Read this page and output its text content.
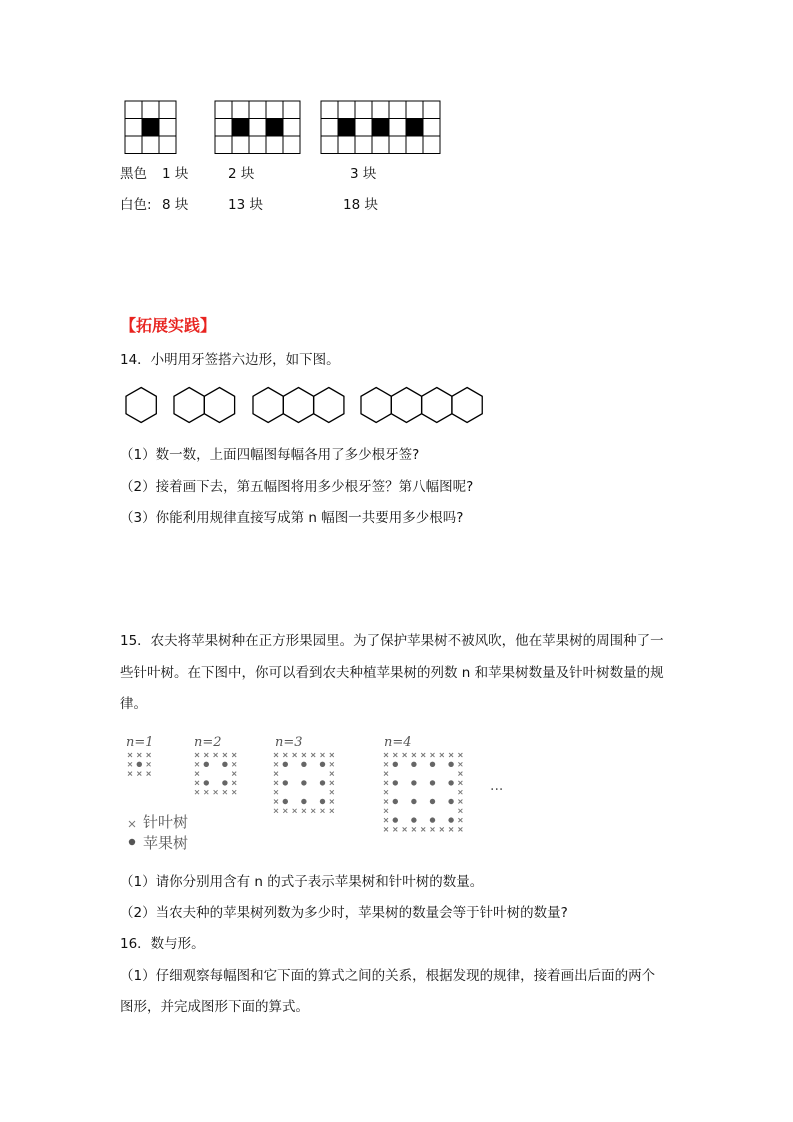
黑色 1 块	2 块	3 块
白色: 8 块	13 块	18 块
【拓展实践】
14．小明用牙签搭六边形，如下图。
（1）数一数，上面四幅图每幅各用了多少根牙签?
（2）接着画下去，第五幅图将用多少根牙签？第八幅图呢?
（3）你能利用规律直接写成第 n 幅图一共要用多少根吗?
15．农夫将苹果树种在正方形果园里。为了保护苹果树不被风吹，他在苹果树的周围种了一
些针叶树。在下图中，你可以看到农夫种植苹果树的列数 n 和苹果树数量及针叶树数量的规
律。
n=1	n=2	n=3	n=4
···
针叶树
苹果树
（1）请你分别用含有 n 的式子表示苹果树和针叶树的数量。
（2）当农夫种的苹果树列数为多少时，苹果树的数量会等于针叶树的数量?
16．数与形。
（1）仔细观察每幅图和它下面的算式之间的关系，根据发现的规律，接着画出后面的两个
图形，并完成图形下面的算式。
